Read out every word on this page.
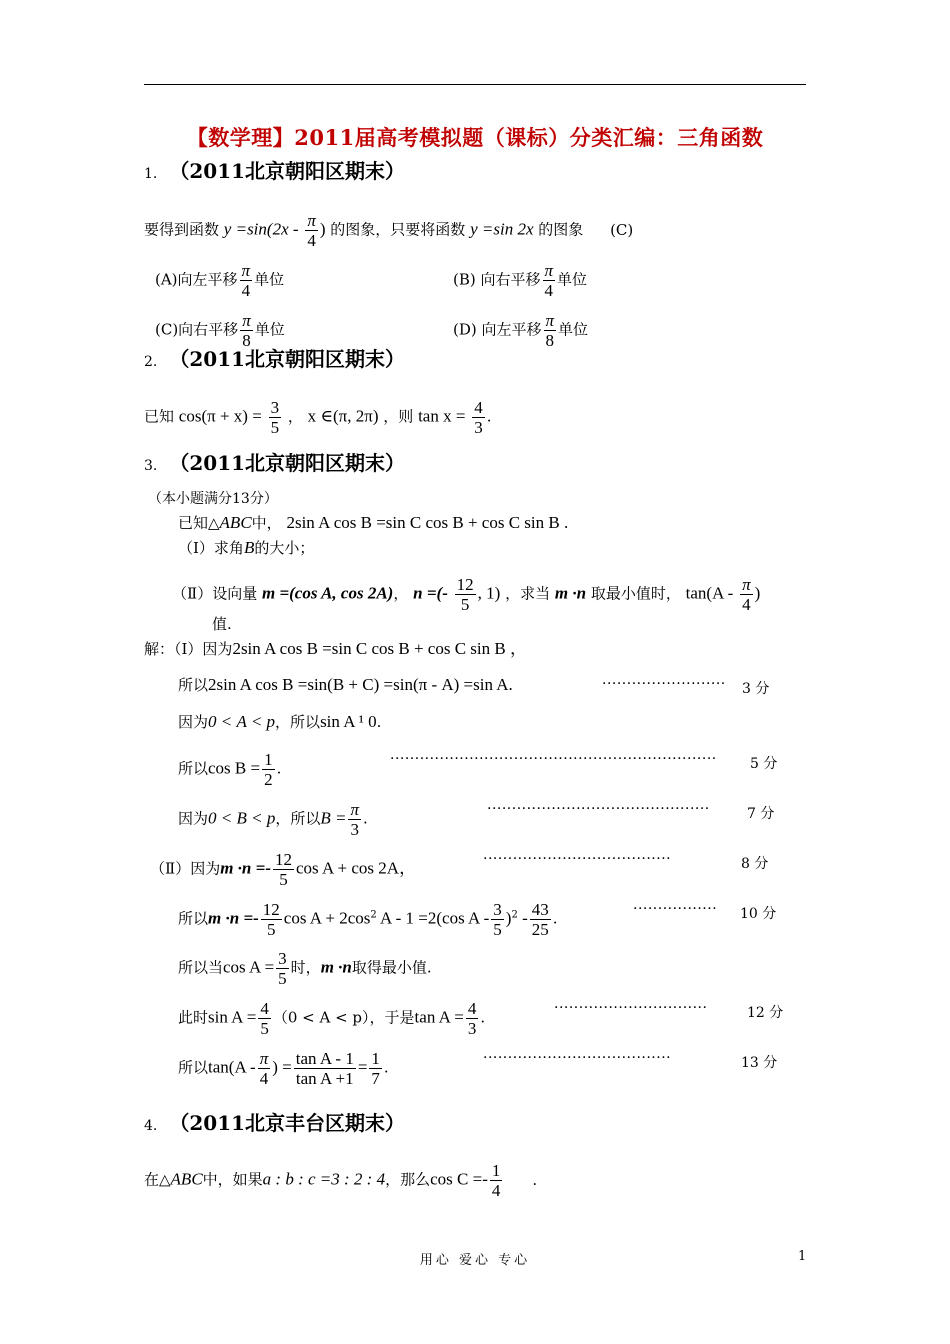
【数学理】2011届高考模拟题（课标）分类汇编：三角函数
1. （2011北京朝阳区期末）
要得到函数 $y =\sin(2x - \frac{\pi}{4}$ ) 的图象，只要将函数 y =sin 2x 的图象 (C)
(A)向左平移 $\frac{\pi}{4}$ 单位	(B) 向右平移 $\frac{\pi}{4}$ 单位
(C)向右平移 $\frac{\pi}{8}$ 单位	(D) 向左平移 $\frac{\pi}{8}$ 单位
2. （2011北京朝阳区期末）
已知 $\cos(\pi + x) = \frac{3}{5}$ ， x ∈(π, 2π) ，则 $\tan x = \frac{4}{3}$ .
3. （2011北京朝阳区期末）
（本小题满分13分）
已知△ABC中， 2sin A cos B =sin C cos B + cos C sin B .
（Ⅰ）求角B的大小；
（Ⅱ）设向量 m =(cos A, cos 2A)， n =(- $\frac{12}{5}$ , 1) ，求当 m ·n 取最小值时， $\tan(A - \frac{\pi}{4}$ )
值.
解：（Ⅰ）因为2sin A cos B =sin C cos B + cos C sin B ，
所以2sin A cos B =sin(B + C) =sin(π - A) =sin A.	························· 3 分
因为0 < A < p，所以sin A ¹ 0.
所以$\cos B = \frac{1}{2}$ .
·································································· 5 分
因为0 < B < p，所以$B = \frac{\pi}{3}$ .
·············································	7 分
（Ⅱ）因为$m \cdot n =- \frac{12}{5}$ cos A + cos 2A，	······································	8 分
所以$m \cdot n =- \frac{12}{5}$ $\cos A + 2\cos^2$ A - 1 =2(cos A - $\frac{3}{5} )^2 - \frac{43}{25}$ .
················· 10 分
所以当$\cos A = \frac{3}{5}$ 时，m ·n取得最小值.
此时$\sin A = \frac{4}{5} (0 < A < p)$，于是$\tan A = \frac{4}{3}$ .
·······························	12 分
所以$\tan(A - \frac{\pi}{4}$ ) = $\frac{\text{tan A - 1}}{\text{tan A +1}} = \frac{1}{7}$ .
······································	13 分
4. （2011北京丰台区期末）
在△ABC中，如果a : b : c =3 : 2 : 4，那么$\cos C =- \frac{1}{4}$ .
用心 爱心 专心	1
